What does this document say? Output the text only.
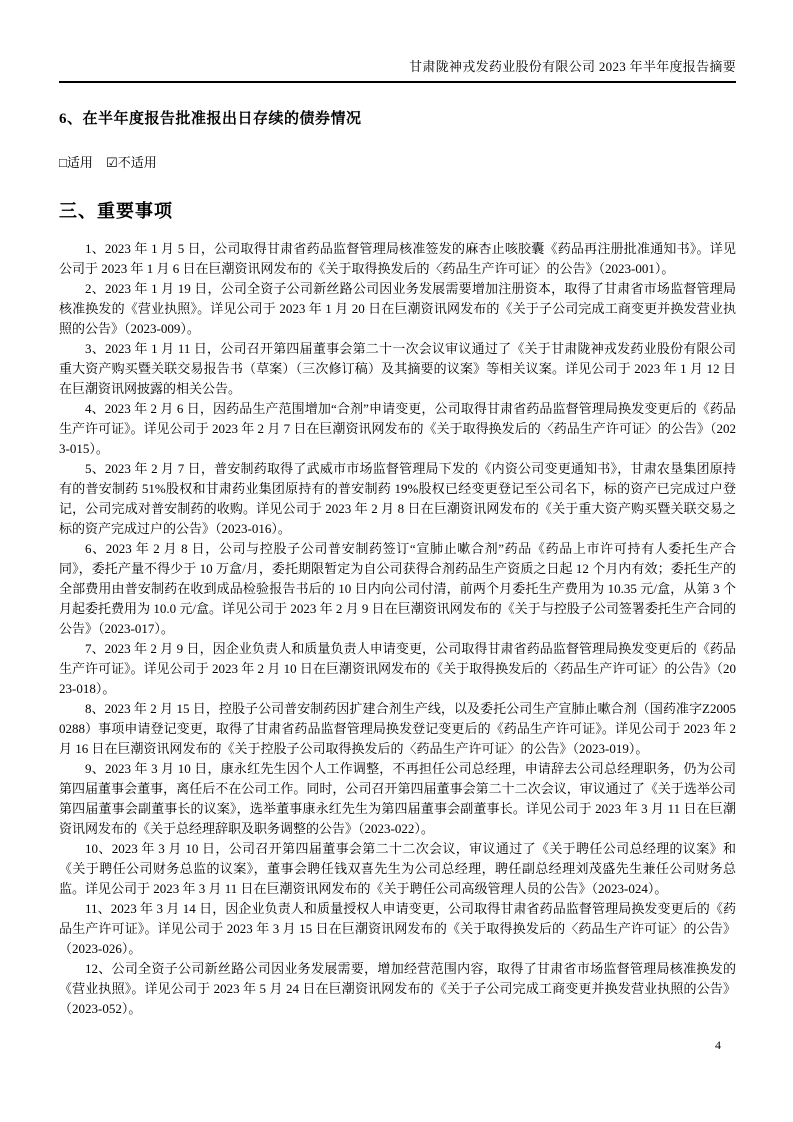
甘肃陇神戎发药业股份有限公司 2023 年半年度报告摘要
6、在半年度报告批准报出日存续的债券情况
□适用 ☑不适用
三、重要事项

1、2023 年 1 月 5 日，公司取得甘肃省药品监督管理局核准签发的麻杏止咳胶囊《药品再注册批准通知书》。详见公司于 2023 年 1 月 6 日在巨潮资讯网发布的《关于取得换发后的〈药品生产许可证〉的公告》（2023-001）。

2、2023 年 1 月 19 日，公司全资子公司新丝路公司因业务发展需要增加注册资本，取得了甘肃省市场监督管理局核准换发的《营业执照》。详见公司于 2023 年 1 月 20 日在巨潮资讯网发布的《关于子公司完成工商变更并换发营业执照的公告》（2023-009）。

3、2023 年 1 月 11 日，公司召开第四届董事会第二十一次会议审议通过了《关于甘肃陇神戎发药业股份有限公司重大资产购买暨关联交易报告书（草案）（三次修订稿）及其摘要的议案》等相关议案。详见公司于 2023 年 1 月 12 日在巨潮资讯网披露的相关公告。

4、2023 年 2 月 6 日，因药品生产范围增加“合剂”申请变更，公司取得甘肃省药品监督管理局换发变更后的《药品生产许可证》。详见公司于 2023 年 2 月 7 日在巨潮资讯网发布的《关于取得换发后的〈药品生产许可证〉的公告》（2023-015）。

5、2023 年 2 月 7 日，普安制药取得了武威市市场监督管理局下发的《内资公司变更通知书》，甘肃农垦集团原持有的普安制药 51%股权和甘肃药业集团原持有的普安制药 19%股权已经变更登记至公司名下，标的资产已完成过户登记，公司完成对普安制药的收购。详见公司于 2023 年 2 月 8 日在巨潮资讯网发布的《关于重大资产购买暨关联交易之标的资产完成过户的公告》（2023-016）。

6、2023 年 2 月 8 日，公司与控股子公司普安制药签订“宣肺止嗽合剂”药品《药品上市许可持有人委托生产合同》，委托产量不得少于 10 万盒/月，委托期限暂定为自公司获得合剂药品生产资质之日起 12 个月内有效；委托生产的全部费用由普安制药在收到成品检验报告书后的 10 日内向公司付清，前两个月委托生产费用为 10.35 元/盒，从第 3 个月起委托费用为 10.0 元/盒。详见公司于 2023 年 2 月 9 日在巨潮资讯网发布的《关于与控股子公司签署委托生产合同的公告》（2023-017）。

7、2023 年 2 月 9 日，因企业负责人和质量负责人申请变更，公司取得甘肃省药品监督管理局换发变更后的《药品生产许可证》。详见公司于 2023 年 2 月 10 日在巨潮资讯网发布的《关于取得换发后的〈药品生产许可证〉的公告》（2023-018）。

8、2023 年 2 月 15 日，控股子公司普安制药因扩建合剂生产线，以及委托公司生产宣肺止嗽合剂（国药准字Z20050288）事项申请登记变更，取得了甘肃省药品监督管理局换发登记变更后的《药品生产许可证》。详见公司于 2023 年 2 月 16 日在巨潮资讯网发布的《关于控股子公司取得换发后的〈药品生产许可证〉的公告》（2023-019）。

9、2023 年 3 月 10 日，康永红先生因个人工作调整，不再担任公司总经理，申请辞去公司总经理职务，仍为公司第四届董事会董事，离任后不在公司工作。同时，公司召开第四届董事会第二十二次会议，审议通过了《关于选举公司第四届董事会副董事长的议案》，选举董事康永红先生为第四届董事会副董事长。详见公司于 2023 年 3 月 11 日在巨潮资讯网发布的《关于总经理辞职及职务调整的公告》（2023-022）。

10、2023 年 3 月 10 日，公司召开第四届董事会第二十二次会议，审议通过了《关于聘任公司总经理的议案》和《关于聘任公司财务总监的议案》，董事会聘任钱双喜先生为公司总经理，聘任副总经理刘茂盛先生兼任公司财务总监。详见公司于 2023 年 3 月 11 日在巨潮资讯网发布的《关于聘任公司高级管理人员的公告》（2023-024）。

11、2023 年 3 月 14 日，因企业负责人和质量授权人申请变更，公司取得甘肃省药品监督管理局换发变更后的《药品生产许可证》。详见公司于 2023 年 3 月 15 日在巨潮资讯网发布的《关于取得换发后的〈药品生产许可证〉的公告》（2023-026）。

12、公司全资子公司新丝路公司因业务发展需要，增加经营范围内容，取得了甘肃省市场监督管理局核准换发的《营业执照》。详见公司于 2023 年 5 月 24 日在巨潮资讯网发布的《关于子公司完成工商变更并换发营业执照的公告》（2023-052）。

4
